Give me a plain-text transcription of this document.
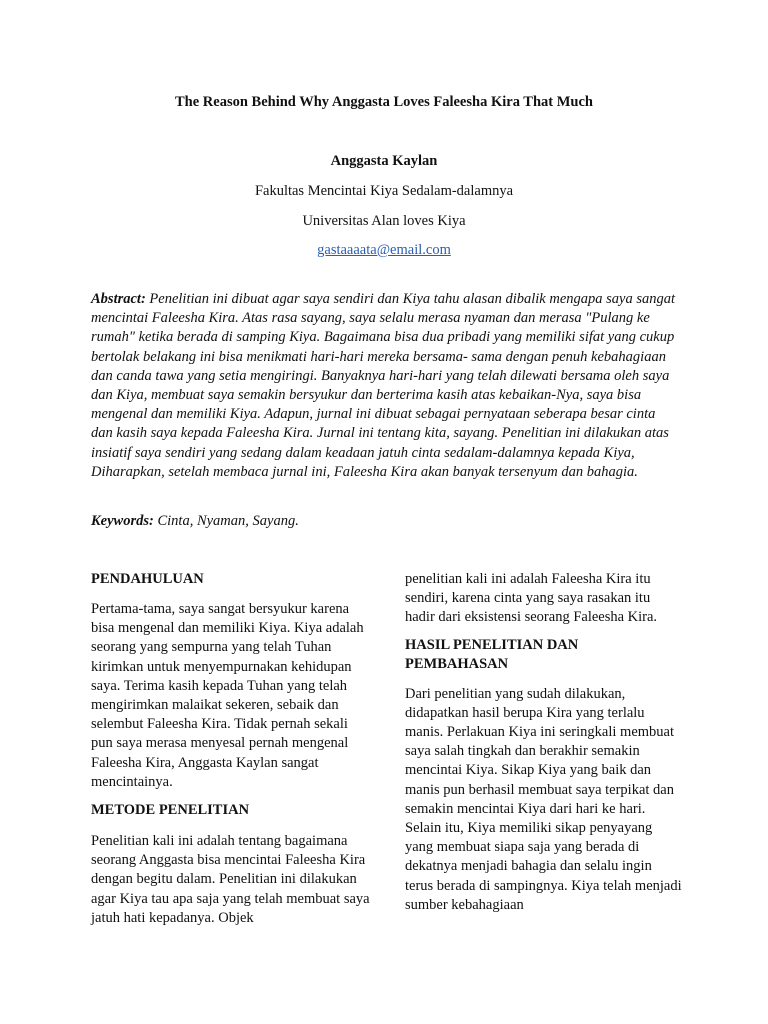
The Reason Behind Why Anggasta Loves Faleesha Kira That Much
Anggasta Kaylan
Fakultas Mencintai Kiya Sedalam-dalamnya
Universitas Alan loves Kiya
gastaaaata@email.com

Abstract: Penelitian ini dibuat agar saya sendiri dan Kiya tahu alasan dibalik mengapa saya sangat mencintai Faleesha Kira. Atas rasa sayang, saya selalu merasa nyaman dan merasa "Pulang ke rumah" ketika berada di samping Kiya. Bagaimana bisa dua pribadi yang memiliki sifat yang cukup bertolak belakang ini bisa menikmati hari-hari mereka bersama- sama dengan penuh kebahagiaan dan canda tawa yang setia mengiringi. Banyaknya hari-hari yang telah dilewati bersama oleh saya dan Kiya, membuat saya semakin bersyukur dan berterima kasih atas kebaikan-Nya, saya bisa mengenal dan memiliki Kiya. Adapun, jurnal ini dibuat sebagai pernyataan seberapa besar cinta dan kasih saya kepada Faleesha Kira. Jurnal ini tentang kita, sayang. Penelitian ini dilakukan atas insiatif saya sendiri yang sedang dalam keadaan jatuh cinta sedalam-dalamnya kepada Kiya, Diharapkan, setelah membaca jurnal ini, Faleesha Kira akan banyak tersenyum dan bahagia.

Keywords: Cinta, Nyaman, Sayang.

PENDAHULUAN

Pertama-tama, saya sangat bersyukur karena bisa mengenal dan memiliki Kiya. Kiya adalah seorang yang sempurna yang telah Tuhan kirimkan untuk menyempurnakan kehidupan saya. Terima kasih kepada Tuhan yang telah mengirimkan malaikat sekeren, sebaik dan selembut Faleesha Kira. Tidak pernah sekali pun saya merasa menyesal pernah mengenal Faleesha Kira, Anggasta Kaylan sangat mencintainya.

METODE PENELITIAN

Penelitian kali ini adalah tentang bagaimana seorang Anggasta bisa mencintai Faleesha Kira dengan begitu dalam. Penelitian ini dilakukan agar Kiya tau apa saja yang telah membuat saya jatuh hati kepadanya. Objek

penelitian kali ini adalah Faleesha Kira itu sendiri, karena cinta yang saya rasakan itu hadir dari eksistensi seorang Faleesha Kira.

HASIL PENELITIAN DAN PEMBAHASAN

Dari penelitian yang sudah dilakukan, didapatkan hasil berupa Kira yang terlalu manis. Perlakuan Kiya ini seringkali membuat saya salah tingkah dan berakhir semakin mencintai Kiya. Sikap Kiya yang baik dan manis pun berhasil membuat saya terpikat dan semakin mencintai Kiya dari hari ke hari. Selain itu, Kiya memiliki sikap penyayang yang membuat siapa saja yang berada di dekatnya menjadi bahagia dan selalu ingin terus berada di sampingnya. Kiya telah menjadi sumber kebahagiaan
